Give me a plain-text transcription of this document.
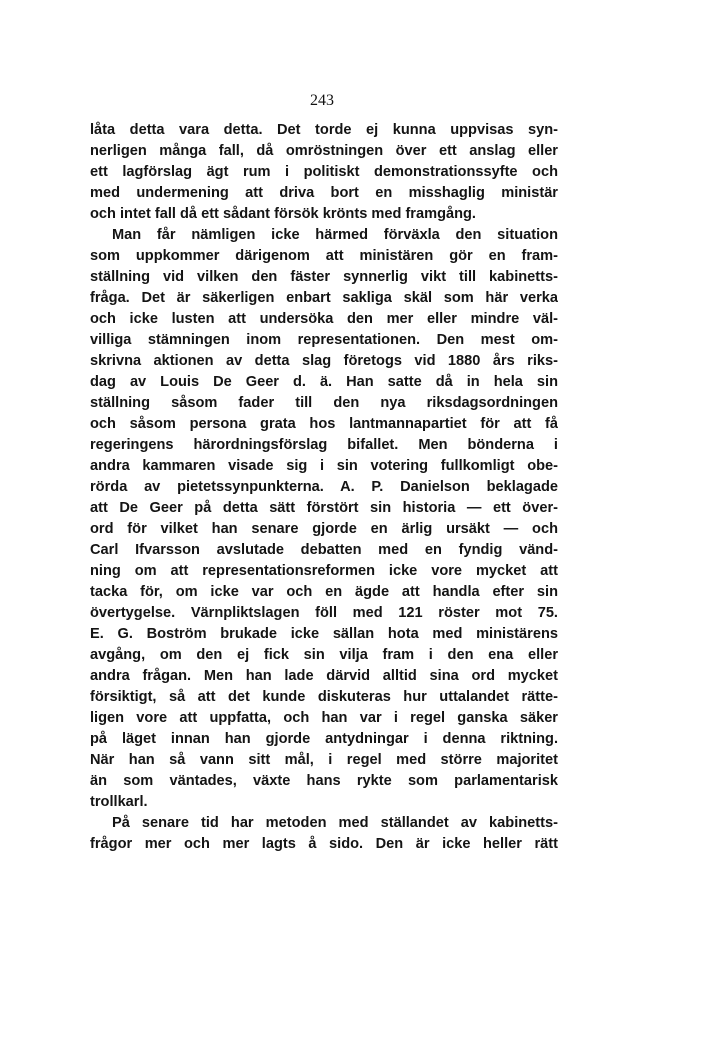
243
låta detta vara detta. Det torde ej kunna uppvisas syn-
nerligen många fall, då omröstningen över ett anslag eller
ett lagförslag ägt rum i politiskt demonstrationssyfte och
med undermening att driva bort en misshaglig ministär
och intet fall då ett sådant försök krönts med framgång.
Man får nämligen icke härmed förväxla den situation
som uppkommer därigenom att ministären gör en fram-
ställning vid vilken den fäster synnerlig vikt till kabinetts-
fråga. Det är säkerligen enbart sakliga skäl som här verka
och icke lusten att undersöka den mer eller mindre väl-
villiga stämningen inom representationen. Den mest om-
skrivna aktionen av detta slag företogs vid 1880 års riks-
dag av Louis De Geer d. ä. Han satte då in hela sin
ställning såsom fader till den nya riksdagsordningen
och såsom persona grata hos lantmannapartiet för att få
regeringens härordningsförslag bifallet. Men bönderna i
andra kammaren visade sig i sin votering fullkomligt obe-
rörda av pietetssynpunkterna. A. P. Danielson beklagade
att De Geer på detta sätt förstört sin historia — ett över-
ord för vilket han senare gjorde en ärlig ursäkt — och
Carl Ifvarsson avslutade debatten med en fyndig vänd-
ning om att representationsreformen icke vore mycket att
tacka för, om icke var och en ägde att handla efter sin
övertygelse. Värnpliktslagen föll med 121 röster mot 75.
E. G. Boström brukade icke sällan hota med ministärens
avgång, om den ej fick sin vilja fram i den ena eller
andra frågan. Men han lade därvid alltid sina ord mycket
försiktigt, så att det kunde diskuteras hur uttalandet rätte-
ligen vore att uppfatta, och han var i regel ganska säker
på läget innan han gjorde antydningar i denna riktning.
När han så vann sitt mål, i regel med större majoritet
än som väntades, växte hans rykte som parlamentarisk
trollkarl.
På senare tid har metoden med ställandet av kabinetts-
frågor mer och mer lagts å sido. Den är icke heller rätt
